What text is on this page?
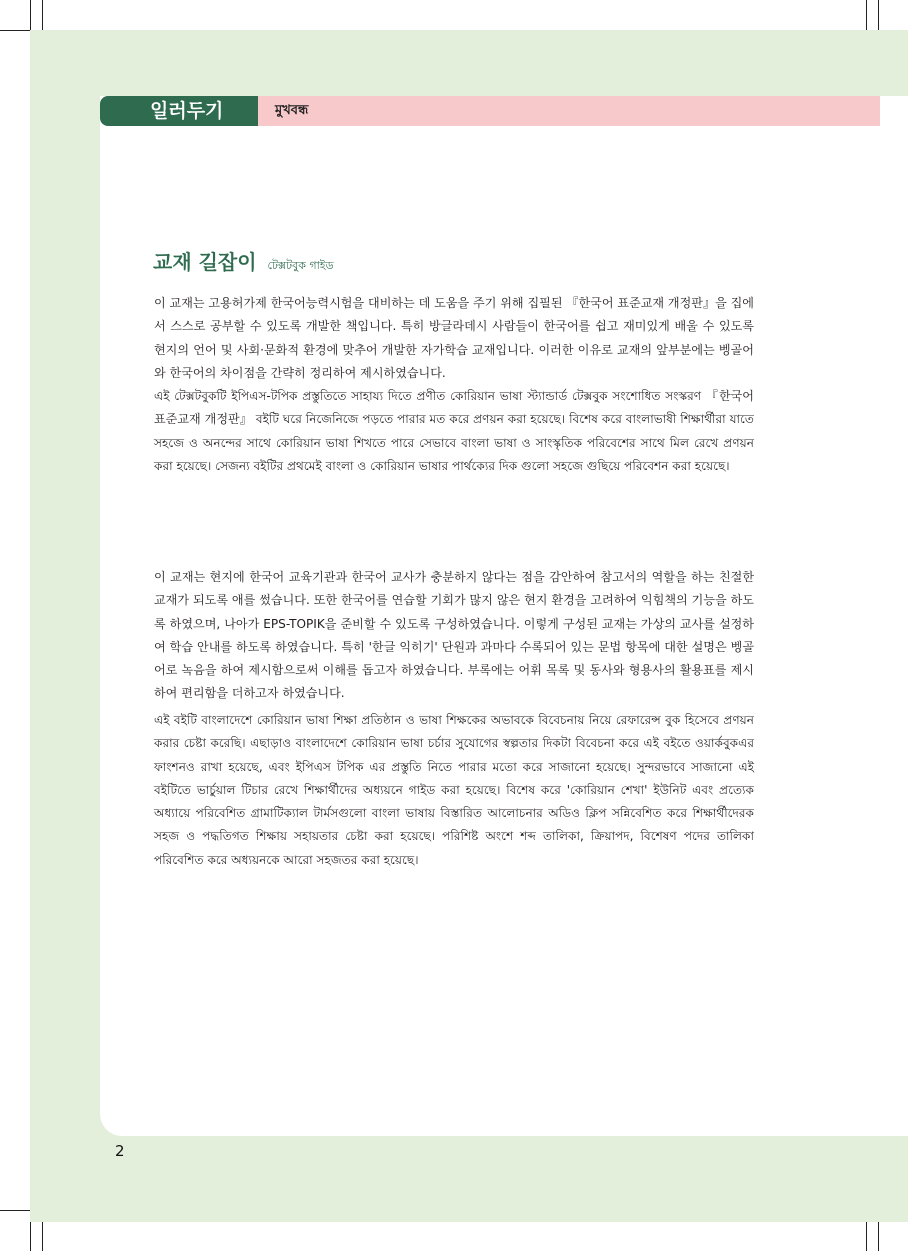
일러두기	মুখবন্ধ
교재 길잡이 টেক্সটবুক গাইড

이 교재는 고용허가제 한국어능력시험을 대비하는 데 도움을 주기 위해 집필된 『한국어 표준교재 개정판』을 집에서 스스로 공부할 수 있도록 개발한 책입니다. 특히 방글라데시 사람들이 한국어를 쉽고 재미있게 배울 수 있도록 현지의 언어 및 사회·문화적 환경에 맞추어 개발한 자가학습 교재입니다. 이러한 이유로 교재의 앞부분에는 벵골어와 한국어의 차이점을 간략히 정리하여 제시하였습니다.

এই টেক্সটবুকটি ইপিএস-টপিক প্রস্তুতিতে সাহায্য দিতে প্রণীত কোরিয়ান ভাষা স্ট্যান্ডার্ড টেক্সবুক সংশোধিত সংস্করণ 『한국어 표준교재 개정판』 বইটি ঘরে নিজেনিজে পড়তে পারার মত করে প্রণয়ন করা হয়েছে। বিশেষ করে বাংলাভাষী শিক্ষার্থীরা যাতে সহজে ও অনন্দের সাথে কোরিয়ান ভাষা শিখতে পারে সেভাবে বাংলা ভাষা ও সাংস্কৃতিক পরিবেশের সাথে মিল রেখে প্রণয়ন করা হয়েছে। সেজন্য বইটির প্রথমেই বাংলা ও কোরিয়ান ভাষার পার্থক্যের দিক গুলো সহজে গুছিয়ে পরিবেশন করা হয়েছে।

이 교재는 현지에 한국어 교육기관과 한국어 교사가 충분하지 않다는 점을 감안하여 참고서의 역할을 하는 친절한 교재가 되도록 애를 썼습니다. 또한 한국어를 연습할 기회가 많지 않은 현지 환경을 고려하여 익힘책의 기능을 하도록 하였으며, 나아가 EPS-TOPIK을 준비할 수 있도록 구성하였습니다. 이렇게 구성된 교재는 가상의 교사를 설정하여 학습 안내를 하도록 하였습니다. 특히 '한글 익히기' 단원과 과마다 수록되어 있는 문법 항목에 대한 설명은 벵골어로 녹음을 하여 제시함으로써 이해를 돕고자 하였습니다. 부록에는 어휘 목록 및 동사와 형용사의 활용표를 제시하여 편리함을 더하고자 하였습니다.

এই বইটি বাংলাদেশে কোরিয়ান ভাষা শিক্ষা প্রতিষ্ঠান ও ভাষা শিক্ষকের অভাবকে বিবেচনায় নিয়ে রেফারেন্স বুক হিসেবে প্রণয়ন করার চেষ্টা করেছি। এছাড়াও বাংলাদেশে কোরিয়ান ভাষা চর্চার সুযোগের স্বল্পতার দিকটা বিবেচনা করে এই বইতে ওয়ার্কবুকএর ফাংশনও রাখা হয়েছে, এবং ইপিএস টপিক এর প্রস্তুতি নিতে পারার মতো করে সাজানো হয়েছে। সুন্দরভাবে সাজানো এই বইটিতে ভার্চুয়াল টিচার রেখে শিক্ষার্থীদের অধ্যয়নে গাইড করা হয়েছে। বিশেষ করে 'কোরিয়ান শেখা' ইউনিট এবং প্রত্যেক অধ্যায়ে পরিবেশিত গ্রামাটিক্যাল টার্মসগুলো বাংলা ভাষায় বিস্তারিত আলোচনার অডিও ক্লিপ সন্নিবেশিত করে শিক্ষার্থীদেরক সহজ ও পদ্ধতিগত শিক্ষায় সহায়তার চেষ্টা করা হয়েছে। পরিশিষ্ট অংশে শব্দ তালিকা, ক্রিয়াপদ, বিশেষণ পদের তালিকা পরিবেশিত করে অধ্যয়নকে আরো সহজতর করা হয়েছে।

2
